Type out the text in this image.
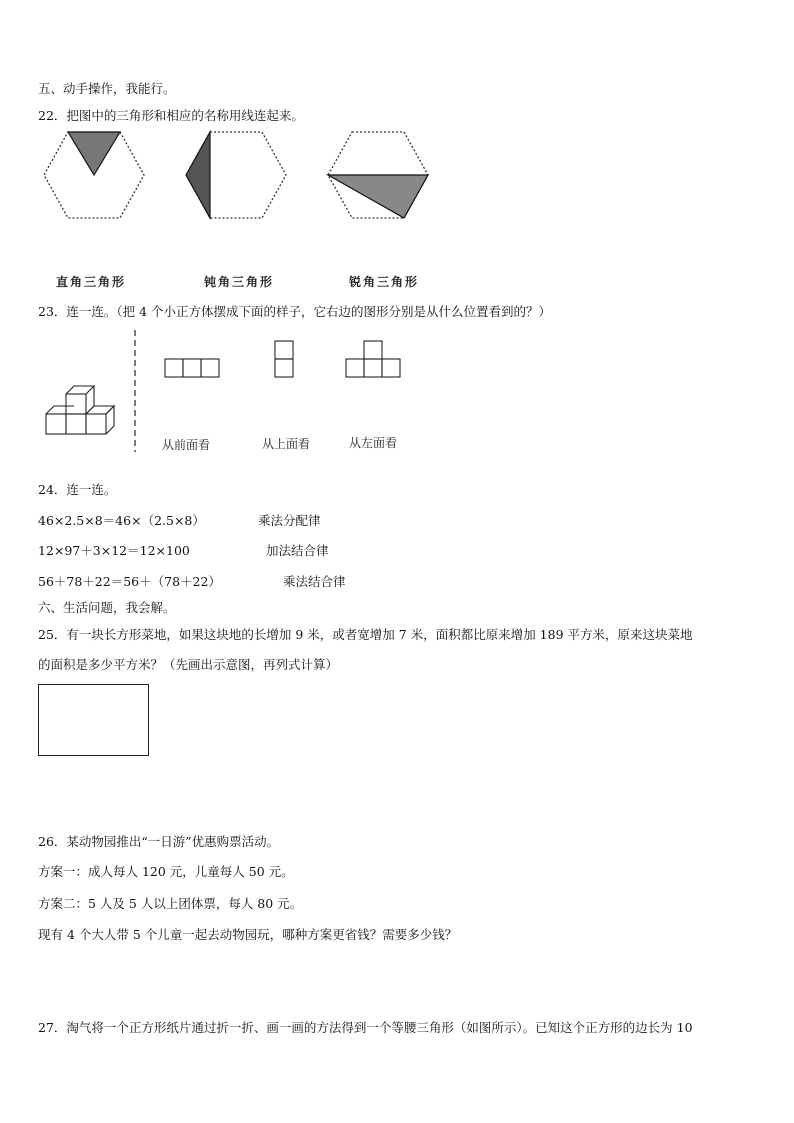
五、动手操作，我能行。
22．把图中的三角形和相应的名称用线连起来。
直角三角形	钝角三角形	锐角三角形
23．连一连。（把 4 个小正方体摆成下面的样子，它右边的图形分别是从什么位置看到的？）
从前面看	从上面看	从左面看
24．连一连。
46×2.5×8＝46×（2.5×8）	乘法分配律
12×97＋3×12＝12×100	加法结合律
56＋78＋22＝56＋（78＋22）	乘法结合律
六、生活问题，我会解。
25．有一块长方形菜地，如果这块地的长增加 9 米，或者宽增加 7 米，面积都比原来增加 189 平方米，原来这块菜地
的面积是多少平方米？（先画出示意图，再列式计算）
26．某动物园推出“一日游”优惠购票活动。
方案一：成人每人 120 元，儿童每人 50 元。
方案二：5 人及 5 人以上团体票，每人 80 元。
现有 4 个大人带 5 个儿童一起去动物园玩，哪种方案更省钱？需要多少钱？
27．淘气将一个正方形纸片通过折一折、画一画的方法得到一个等腰三角形（如图所示）。已知这个正方形的边长为 10
